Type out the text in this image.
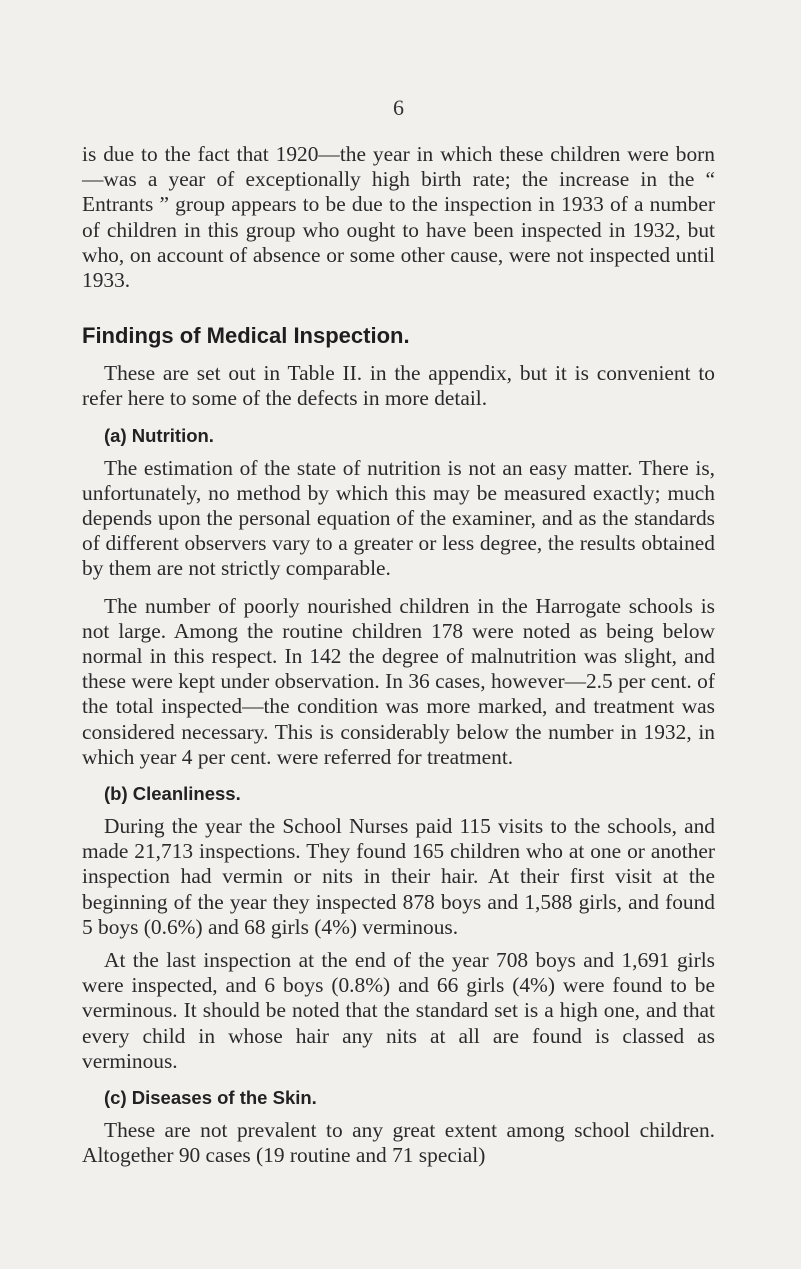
6

is due to the fact that 1920—the year in which these children were born—was a year of exceptionally high birth rate; the increase in the “ Entrants ” group appears to be due to the inspection in 1933 of a number of children in this group who ought to have been inspected in 1932, but who, on account of absence or some other cause, were not inspected until 1933.

Findings of Medical Inspection.

These are set out in Table II. in the appendix, but it is convenient to refer here to some of the defects in more detail.

(a) Nutrition.

The estimation of the state of nutrition is not an easy matter. There is, unfortunately, no method by which this may be measured exactly; much depends upon the personal equation of the examiner, and as the standards of different observers vary to a greater or less degree, the results obtained by them are not strictly comparable.

The number of poorly nourished children in the Harrogate schools is not large. Among the routine children 178 were noted as being below normal in this respect. In 142 the degree of malnutrition was slight, and these were kept under observation. In 36 cases, however—2.5 per cent. of the total inspected—the condition was more marked, and treatment was considered necessary. This is considerably below the number in 1932, in which year 4 per cent. were referred for treatment.

(b) Cleanliness.

During the year the School Nurses paid 115 visits to the schools, and made 21,713 inspections. They found 165 children who at one or another inspection had vermin or nits in their hair. At their first visit at the beginning of the year they inspected 878 boys and 1,588 girls, and found 5 boys (0.6%) and 68 girls (4%) verminous.

At the last inspection at the end of the year 708 boys and 1,691 girls were inspected, and 6 boys (0.8%) and 66 girls (4%) were found to be verminous. It should be noted that the standard set is a high one, and that every child in whose hair any nits at all are found is classed as verminous.

(c) Diseases of the Skin.

These are not prevalent to any great extent among school children. Altogether 90 cases (19 routine and 71 special)
